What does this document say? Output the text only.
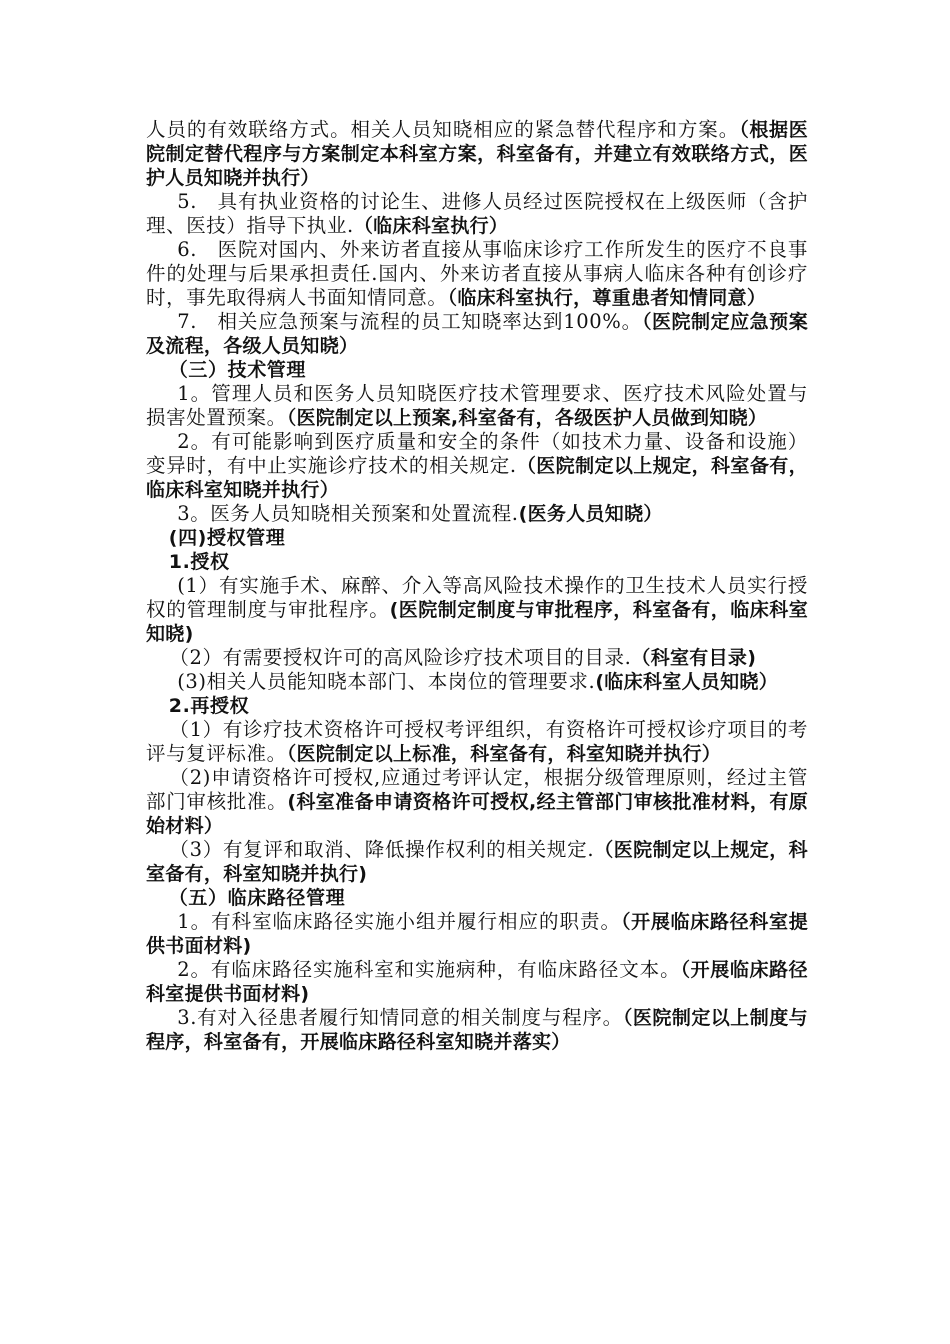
人员的有效联络方式。相关人员知晓相应的紧急替代程序和方案。（根据医院制定替代程序与方案制定本科室方案，科室备有，并建立有效联络方式，医护人员知晓并执行）

5.　具有执业资格的讨论生、进修人员经过医院授权在上级医师（含护理、医技）指导下执业.（临床科室执行）

6.　医院对国内、外来访者直接从事临床诊疗工作所发生的医疗不良事件的处理与后果承担责任.国内、外来访者直接从事病人临床各种有创诊疗时，事先取得病人书面知情同意。（临床科室执行，尊重患者知情同意）

7.　相关应急预案与流程的员工知晓率达到100%。（医院制定应急预案及流程，各级人员知晓）

（三）技术管理

1。管理人员和医务人员知晓医疗技术管理要求、医疗技术风险处置与损害处置预案。（医院制定以上预案,科室备有，各级医护人员做到知晓）

2。有可能影响到医疗质量和安全的条件（如技术力量、设备和设施）变异时，有中止实施诊疗技术的相关规定.（医院制定以上规定，科室备有，临床科室知晓并执行）

3。医务人员知晓相关预案和处置流程.(医务人员知晓）

(四)授权管理

1.授权

(1）有实施手术、麻醉、介入等高风险技术操作的卫生技术人员实行授权的管理制度与审批程序。(医院制定制度与审批程序，科室备有，临床科室知晓)

（2）有需要授权许可的高风险诊疗技术项目的目录.（科室有目录)

(3)相关人员能知晓本部门、本岗位的管理要求.(临床科室人员知晓）

2.再授权

（1）有诊疗技术资格许可授权考评组织，有资格许可授权诊疗项目的考评与复评标准。（医院制定以上标准，科室备有，科室知晓并执行）

（2)申请资格许可授权,应通过考评认定，根据分级管理原则，经过主管部门审核批准。(科室准备申请资格许可授权,经主管部门审核批准材料，有原始材料）

（3）有复评和取消、降低操作权利的相关规定.（医院制定以上规定，科室备有，科室知晓并执行)

（五）临床路径管理

1。有科室临床路径实施小组并履行相应的职责。（开展临床路径科室提供书面材料)

2。有临床路径实施科室和实施病种，有临床路径文本。（开展临床路径科室提供书面材料)

3.有对入径患者履行知情同意的相关制度与程序。（医院制定以上制度与程序，科室备有，开展临床路径科室知晓并落实）
